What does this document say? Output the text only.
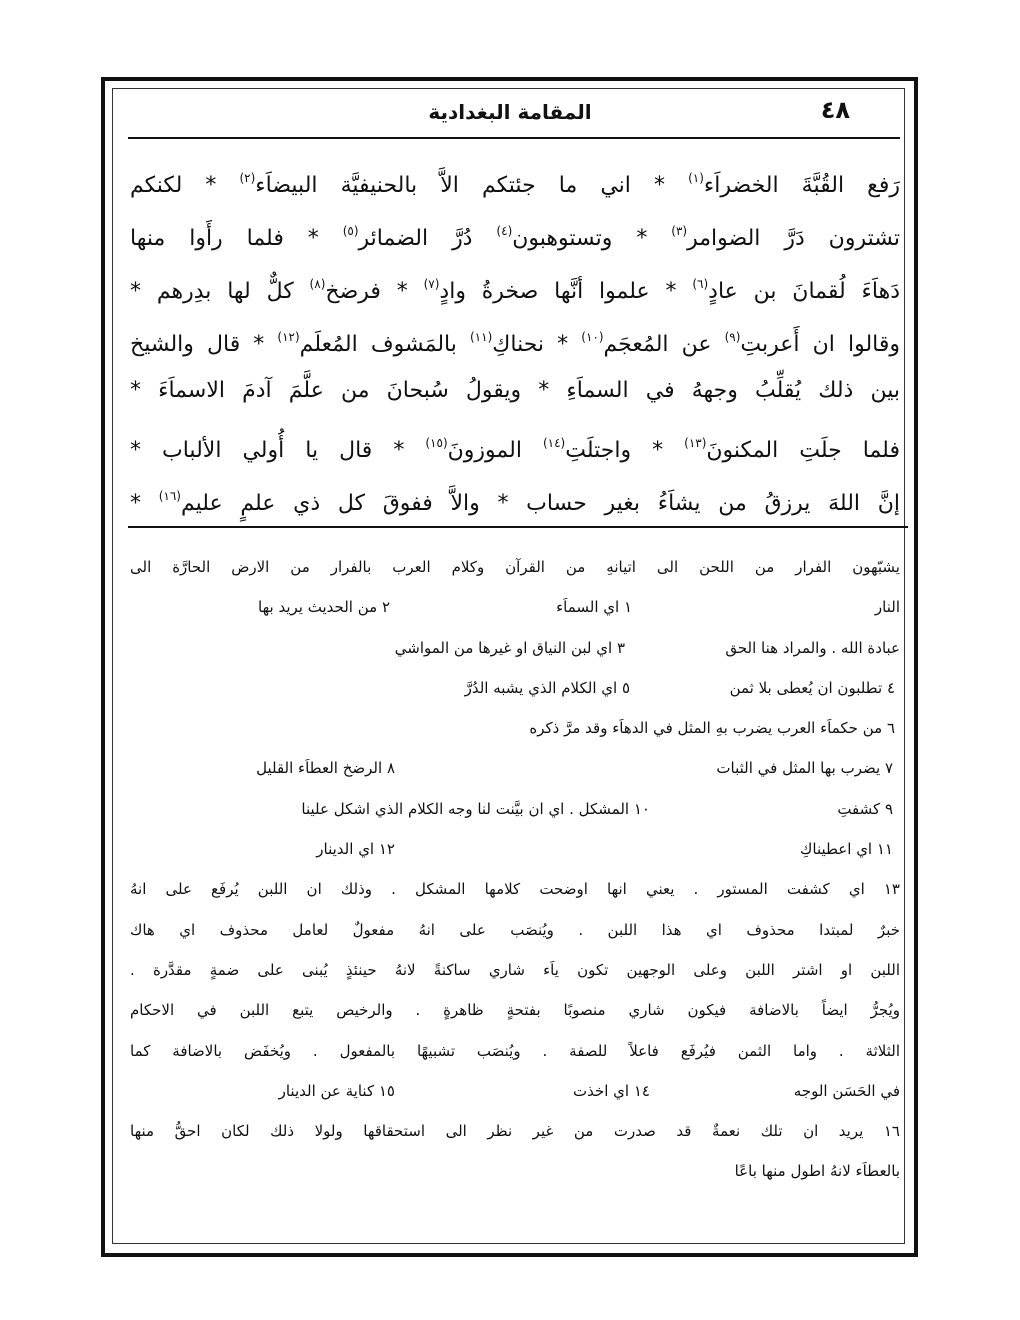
٤٨
المقامة البغدادية
رَفع القُبَّةَ الخضراَء$^{(١)}$ * اني ما جئتكم الاَّ بالحنيفيَّة البيضاَء$^{(٢)}$ * لكنكم
تشترون دَرَّ الضوامر$^{(٣)}$ * وتستوهبون$^{(٤)}$ دُرَّ الضمائر$^{(٥)}$ * فلما رأَوا منها
دَهاَءَ لُقمانَ بن عادٍ$^{(٦)}$ * علموا أنَّها صخرةُ وادٍ$^{(٧)}$ * فرضخ$^{(٨)}$ كلٌّ لها بدِرهم *
وقالوا ان أَعربتِ$^{(٩)}$ عن المُعجَم$^{(١٠)}$ * نحناكِ$^{(١١)}$ بالمَشوف المُعلَم$^{(١٢)}$ * قال والشيخ
بين ذلك يُقلِّبُ وجههُ في السماَءِ * ويقولُ سُبحانَ من علَّمَ آدمَ الاسماَءَ *
فلما جلَتِ المكنونَ$^{(١٣)}$ * واجتلَتِ$^{(١٤)}$ الموزونَ$^{(١٥)}$ * قال يا أُولي الألباب *
إنَّ اللهَ يرزقُ من يشاَءُ بغير حساب * والاَّ ففوقَ كل ذي علمٍ عليم$^{(١٦)}$ *
يشبّهون الفرار من اللحن الى اتيانهِ من القرآن وكلام العرب بالفرار من الارض الحارَّة الى
النار
١ اي السماَء
٢ من الحديث يريد بها
عبادة الله . والمراد هنا الحق
٣ اي لبن النياق او غيرها من المواشي
٤ تطلبون ان يُعطى بلا ثمن
٥ اي الكلام الذي يشبه الدُرَّ
٦ من حكماَء العرب يضرب بهِ المثل في الدهاَء وقد مرَّ ذكره
٧ يضرب بها المثل في الثبات
٨ الرضخ العطاَء القليل
٩ كشفتِ
١٠ المشكل . اي ان بيَّنت لنا وجه الكلام الذي اشكل علينا
١١ اي اعطيناكِ
١٢ اي الدينار
١٣ اي كشفت المستور . يعني انها اوضحت كلامها المشكل . وذلك ان اللبن يُرفَع على انهُ
خبرٌ لمبتدا محذوف اي هذا اللبن . ويُنصَب على انهُ مفعولٌ لعامل محذوف اي هاك
اللبن او اشتر اللبن وعلى الوجهين تكون ياَء شاري ساكنةً لانهُ حينئذٍ يُبنى على ضمةٍ مقدَّرة .
ويُجرُّ ايضاً بالاضافة فيكون شاري منصوبًا بفتحةٍ ظاهرةٍ . والرخيص يتبع اللبن في الاحكام
الثلاثة . واما الثمن فيُرفَع فاعلاً للصفة . ويُنصَب تشبيهًا بالمفعول . ويُخفَض بالاضافة كما
في الحَسَن الوجه
١٤ اي اخذت
١٥ كناية عن الدينار
١٦ يريد ان تلك نعمةٌ قد صدرت من غير نظر الى استحقاقها ولولا ذلك لكان احقُّ منها
بالعطاَء لانهُ اطول منها باعًا
